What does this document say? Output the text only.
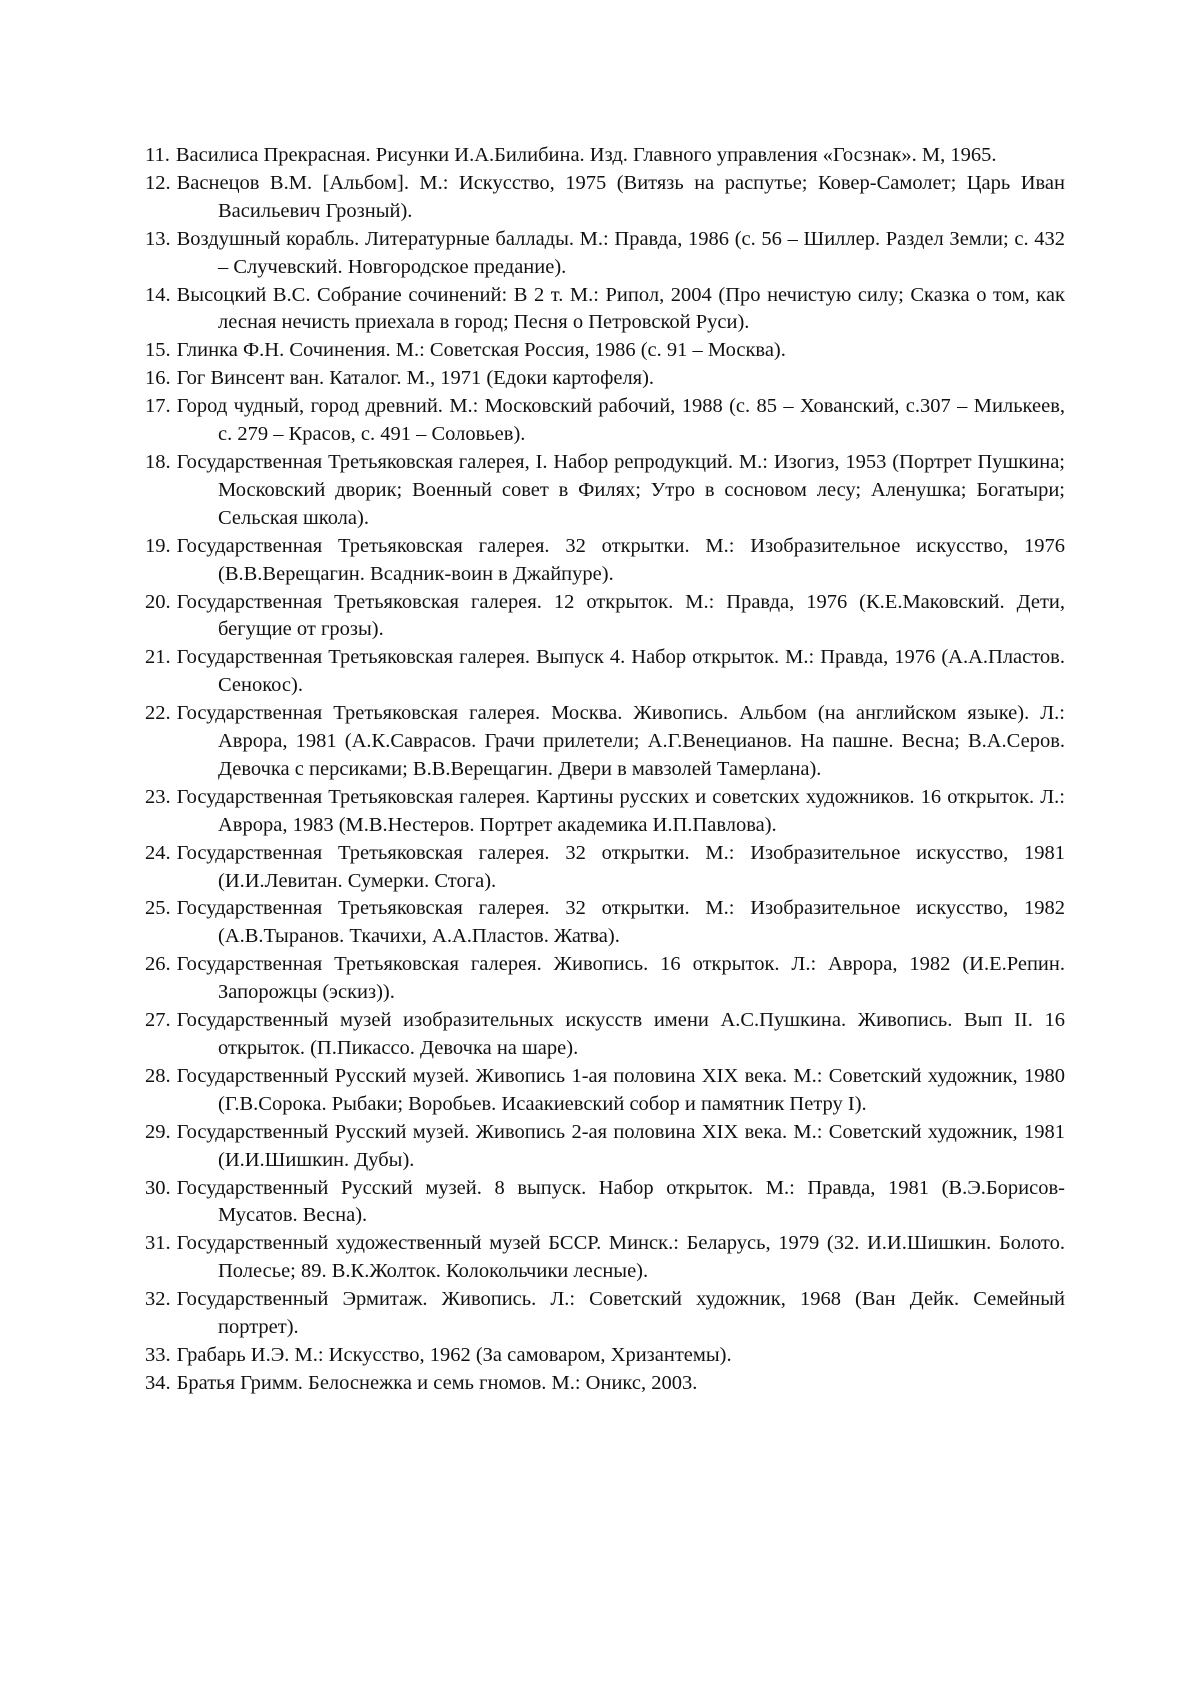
11. Василиса Прекрасная. Рисунки И.А.Билибина. Изд. Главного управления «Гос­знак». М, 1965.
12. Васнецов В.М. [Альбом]. М.: Искусство, 1975 (Витязь на распутье; Ковер-Самолет; Царь Иван Васильевич Грозный).
13. Воздушный корабль. Литературные баллады. М.: Правда, 1986 (с. 56 – Шиллер. Раздел Земли; с. 432 – Случевский. Новгородское предание).
14. Высоцкий В.С. Собрание сочинений: В 2 т. М.: Рипол, 2004 (Про нечистую силу; Сказка о том, как лесная нечисть приехала в город; Песня о Петровской Руси).
15. Глинка Ф.Н. Сочинения. М.: Советская Россия, 1986 (с. 91 – Москва).
16. Гог Винсент ван. Каталог. М., 1971 (Едоки картофеля).
17. Город чудный, город древний. М.: Московский рабочий, 1988 (с. 85 – Хованский, с.307 – Милькеев, с. 279 – Красов, с. 491 – Соловьев).
18. Государственная Третьяковская галерея, I. Набор репродукций. М.: Изогиз, 1953 (Портрет Пушкина; Московский дворик; Военный совет в Филях; Утро в сосно­вом лесу; Аленушка; Богатыри; Сельская школа).
19. Государственная Третьяковская галерея. 32 открытки. М.: Изобразительное искус­ство, 1976 (В.В.Верещагин. Всадник-воин в Джайпуре).
20. Государственная Третьяковская галерея. 12 открыток. М.: Правда, 1976 (К.Е.Маковский. Дети, бегущие от грозы).
21. Государственная Третьяковская галерея. Выпуск 4. Набор открыток. М.: Правда, 1976 (А.А.Пластов. Сенокос).
22. Государственная Третьяковская галерея. Москва. Живопись. Альбом (на англий­ском языке). Л.: Аврора, 1981 (А.К.Саврасов. Грачи прилетели; А.Г.Венецианов. На пашне. Весна; В.А.Серов. Девочка с персиками; В.В.Верещагин. Двери в мавзолей Тамерлана).
23. Государственная Третьяковская галерея. Картины русских и советских художников. 16 открыток. Л.: Аврора, 1983 (М.В.Нестеров. Портрет академика И.П.Павлова).
24. Государственная Третьяковская галерея. 32 открытки. М.: Изобразительное искус­ство, 1981 (И.И.Левитан. Сумерки. Стога).
25. Государственная Третьяковская галерея. 32 открытки. М.: Изобразительное искус­ство, 1982 (А.В.Тыранов. Ткачихи, А.А.Пластов. Жатва).
26. Государственная Третьяковская галерея. Живопись. 16 открыток. Л.: Аврора, 1982 (И.Е.Репин. Запорожцы (эскиз)).
27. Государственный музей изобразительных искусств имени А.С.Пушкина. Живопись. Вып II. 16 открыток. (П.Пикассо. Девочка на шаре).
28. Государственный Русский музей. Живопись 1-ая половина XIX века. М.: Советский художник, 1980 (Г.В.Сорока. Рыбаки; Воробьев. Исаакиевский собор и памятник Петру I).
29. Государственный Русский музей. Живопись 2-ая половина XIX века. М.: Советский художник, 1981 (И.И.Шишкин. Дубы).
30. Государственный Русский музей. 8 выпуск. Набор открыток. М.: Правда, 1981 (В.Э.Борисов-Мусатов. Весна).
31. Государственный художественный музей БССР. Минск.: Беларусь, 1979 (32. И.И.Шишкин. Болото. Полесье; 89. В.К.Жолток. Колокольчики лесные).
32. Государственный Эрмитаж. Живопись. Л.: Советский художник, 1968 (Ван Дейк. Семейный портрет).
33. Грабарь И.Э. М.: Искусство, 1962 (За самоваром, Хризантемы).
34. Братья Гримм. Белоснежка и семь гномов. М.: Оникс, 2003.
